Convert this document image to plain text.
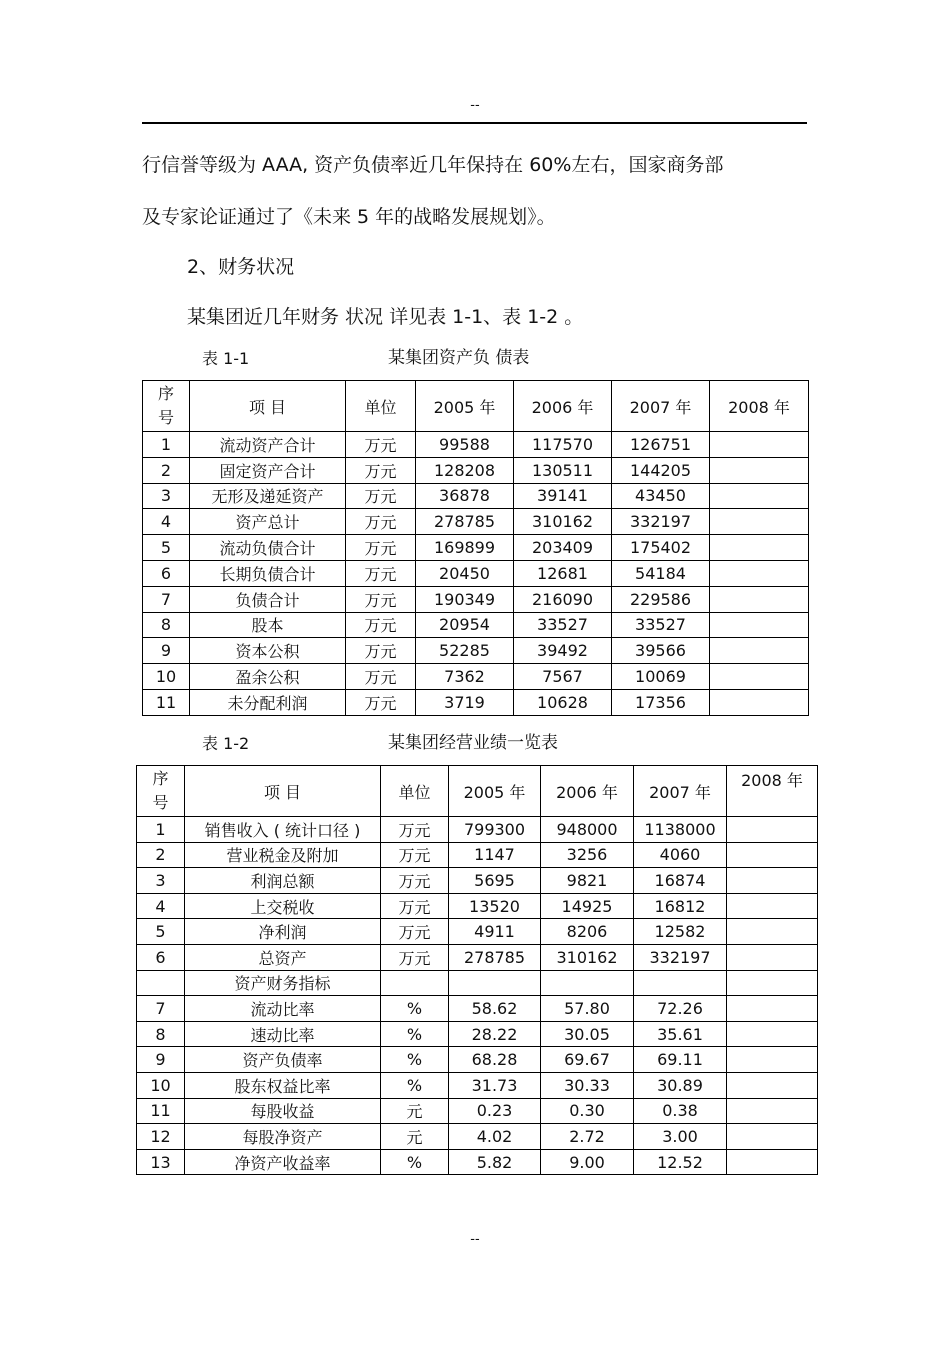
--
行信誉等级为 AAA, 资产负债率近几年保持在 60%左右，国家商务部
及专家论证通过了《未来 5 年的战略发展规划》。
2、财务状况
某集团近几年财务 状况 详见表 1-1、表 1-2 。
表 1-1	某集团资产负 债表
序
号	项 目	单位	2005 年	2006 年	2007 年	2008 年
1	流动资产合计	万元	99588	117570	126751	
2	固定资产合计	万元	128208	130511	144205	
3	无形及递延资产	万元	36878	39141	43450	
4	资产总计	万元	278785	310162	332197	
5	流动负债合计	万元	169899	203409	175402	
6	长期负债合计	万元	20450	12681	54184	
7	负债合计	万元	190349	216090	229586	
8	股本	万元	20954	33527	33527	
9	资本公积	万元	52285	39492	39566	
10	盈余公积	万元	7362	7567	10069	
11	未分配利润	万元	3719	10628	17356	
表 1-2	某集团经营业绩一览表
序
号	项 目	单位	2005 年	2006 年	2007 年	2008 年
1	销售收入 ( 统计口径 )	万元	799300	948000	1138000	
2	营业税金及附加	万元	1147	3256	4060	
3	利润总额	万元	5695	9821	16874	
4	上交税收	万元	13520	14925	16812	
5	净利润	万元	4911	8206	12582	
6	总资产	万元	278785	310162	332197	
	资产财务指标					
7	流动比率	%	58.62	57.80	72.26	
8	速动比率	%	28.22	30.05	35.61	
9	资产负债率	%	68.28	69.67	69.11	
10	股东权益比率	%	31.73	30.33	30.89	
11	每股收益	元	0.23	0.30	0.38	
12	每股净资产	元	4.02	2.72	3.00	
13	净资产收益率	%	5.82	9.00	12.52	
--
